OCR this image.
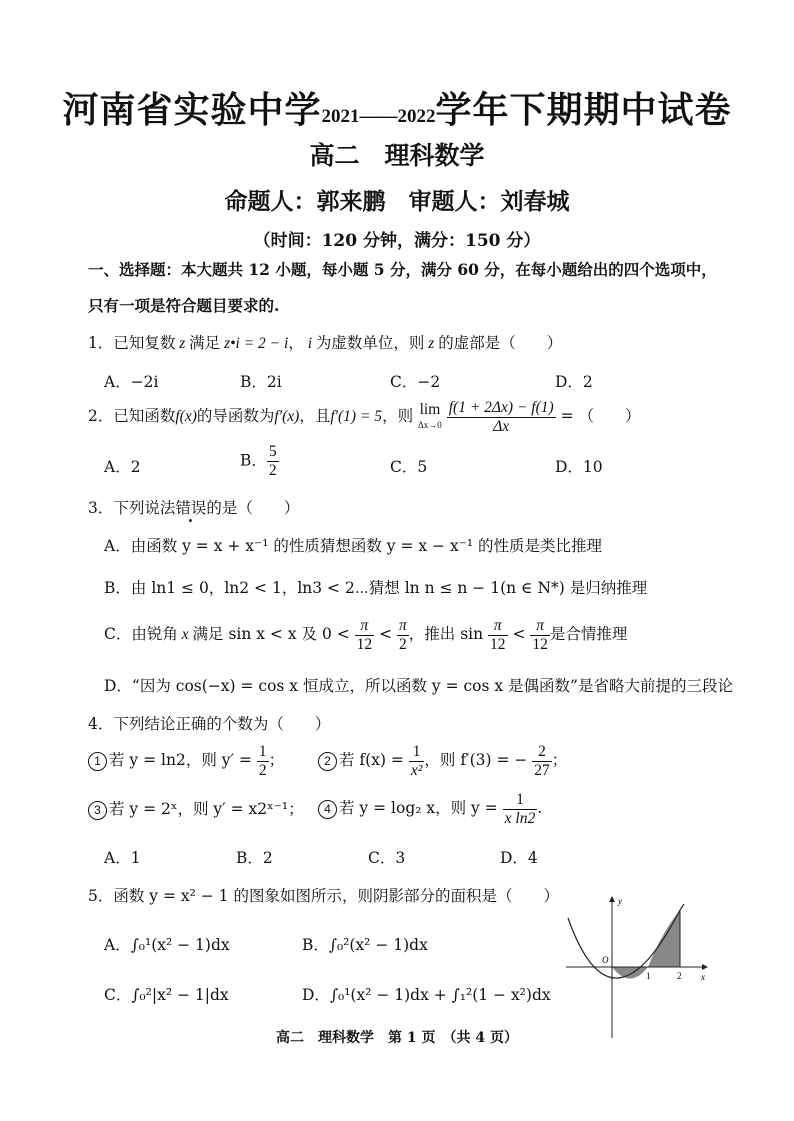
河南省实验中学2021——2022学年下期期中试卷
高二　理科数学
命题人：郭来鹏　审题人：刘春城
（时间：120 分钟，满分：150 分）
一、选择题：本大题共 12 小题，每小题 5 分，满分 60 分，在每小题给出的四个选项中，
只有一项是符合题目要求的.
1．已知复数 z 满足 z•i = 2 − i， i 为虚数单位，则 z 的虚部是（　　）
A．−2i	B．2i	C．−2	D．2
2．已知函数f(x)的导函数为f′(x)，且f′(1) = 5，则 lim
$\Delta x\to 0 \frac{f(1 + 2\Delta x) - f(1)}{\Delta x}$ = （　　）
A．2	B． $\frac{5}{2}$	C．5	D．10
3．下列说法错误的是（　　）
A．由函数 y = x + x⁻¹ 的性质猜想函数 y = x − x⁻¹ 的性质是类比推理
B．由 ln1 ≤ 0，ln2 < 1，ln3 < 2⋯猜想 ln n ≤ n − 1(n ∈ N*) 是归纳推理
C．由锐角 x 满足 sin x < x 及 $0 < \frac{\pi}{12} < \frac{\pi}{2}$ ，推出 $\sin \frac{\pi}{12} < \frac{\pi}{12}$ 是合情推理
D．“因为 cos(−x) = cos x 恒成立，所以函数 y = cos x 是偶函数”是省略大前提的三段论
4．下列结论正确的个数为（　　）
1 若 y = ln2，则 $y' = \frac{1}{2}$ ；	2 若 $f(x) = \frac{1}{\text{x²}}$ ，则 f′(3) = − $\frac{2}{27}$ ；
3 若 y = 2ˣ，则 y′ = x2ˣ⁻¹；	4 若 y = log₂ x，则 $y = \frac{1}{\text{x ln2}}$ .
A．1	B．2	C．3	D．4
5．函数 y = x² − 1 的图象如图所示，则阴影部分的面积是（　　）
A．∫₀¹(x² − 1)dx	B．∫₀²(x² − 1)dx
C．∫₀²|x² − 1|dx	D．∫₀¹(x² − 1)dx + ∫₁²(1 − x²)dx
y
x
O
1	2
高二　理科数学　第 1 页　（共 4 页）
